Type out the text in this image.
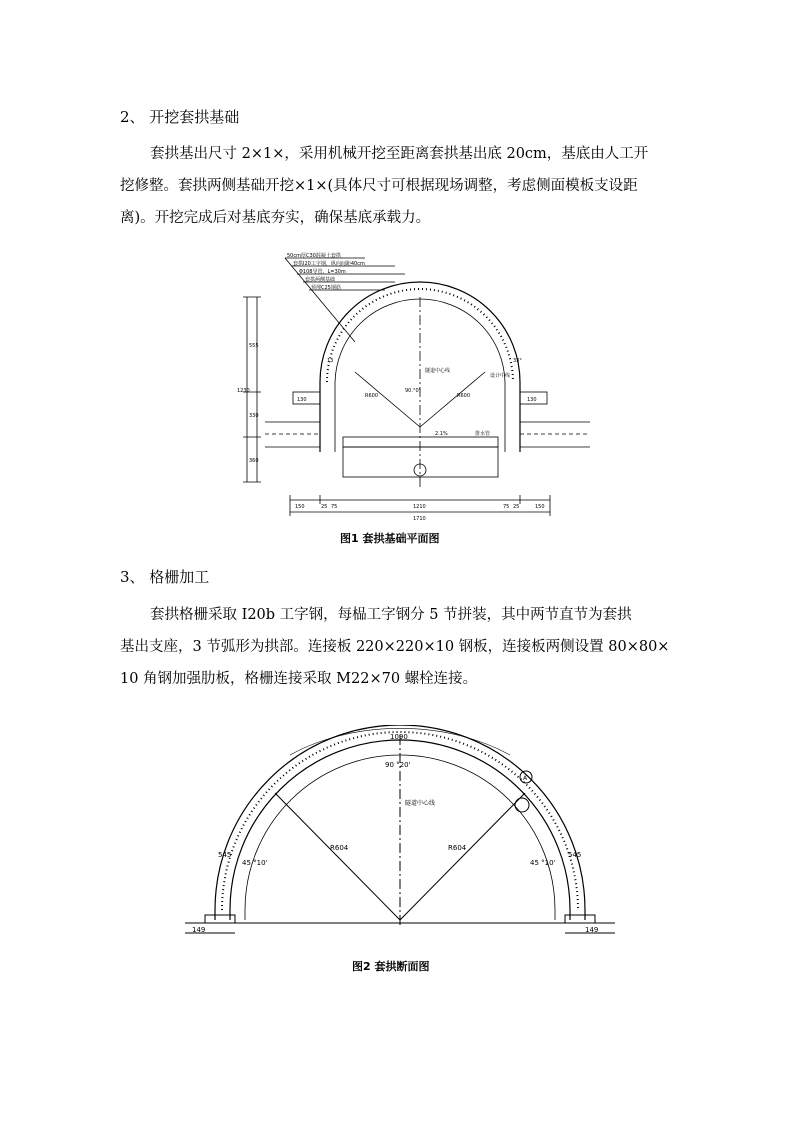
2、 开挖套拱基础
套拱基出尺寸 2×1×，采用机械开挖至距离套拱基出底 20cm，基底由人工开
挖修整。套拱两侧基础开挖×1×(具体尺寸可根据现场调整，考虑侧面模板支设距
离)。开挖完成后对基底夯实，确保基底承载力。
50cm厚C30混凝土套拱
套拱I20工字钢，纵向间距40cm
Φ108导管，L=30m
套拱两侧基础
预埋C25钢筋
隧道中心线
设计中线
R600	R600
90.°0'
2.1%	排水管
1710
1210
150	150
25 75	75 25
1230
555
330
360
130	130
13	33°
图1 套拱基础平面图
3、 格栅加工
套拱格栅采取 I20b 工字钢，每榀工字钢分 5 节拼装，其中两节直节为套拱
基出支座，3 节弧形为拱部。连接板 220×220×10 钢板，连接板两侧设置 80×80×
10 角钢加强肋板，格栅连接采取 M22×70 螺栓连接。
1090
90 °20'
545	545
45 °10'	45 °10'
R604	R604
隧道中心线
A
149	149
图2 套拱断面图
